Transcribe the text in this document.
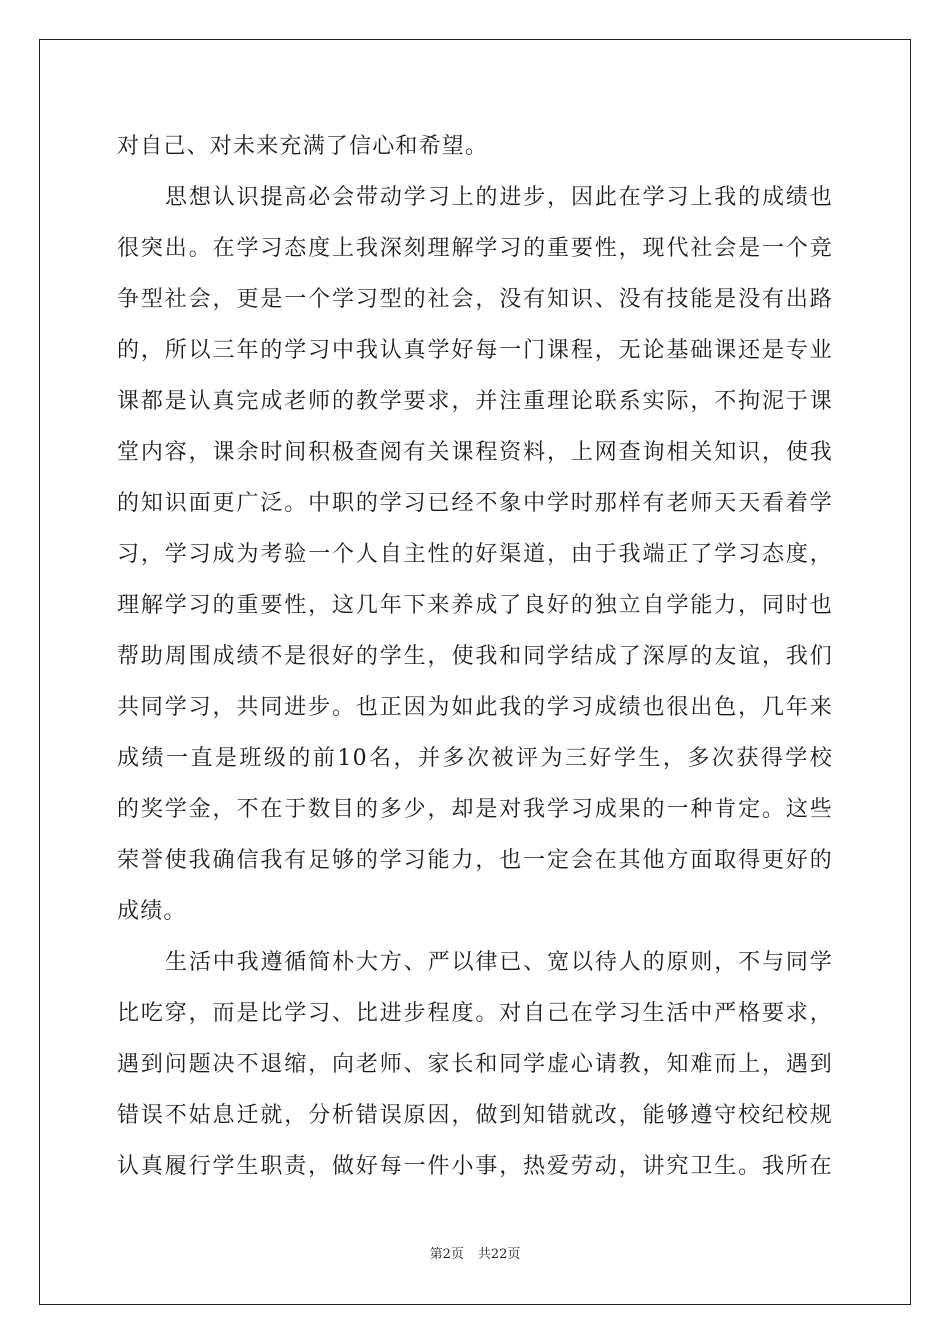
对自己、对未来充满了信心和希望。
思想认识提高必会带动学习上的进步，因此在学习上我的成绩也
很突出。在学习态度上我深刻理解学习的重要性，现代社会是一个竞
争型社会，更是一个学习型的社会，没有知识、没有技能是没有出路
的，所以三年的学习中我认真学好每一门课程，无论基础课还是专业
课都是认真完成老师的教学要求，并注重理论联系实际，不拘泥于课
堂内容，课余时间积极查阅有关课程资料，上网查询相关知识，使我
的知识面更广泛。中职的学习已经不象中学时那样有老师天天看着学
习，学习成为考验一个人自主性的好渠道，由于我端正了学习态度，
理解学习的重要性，这几年下来养成了良好的独立自学能力，同时也
帮助周围成绩不是很好的学生，使我和同学结成了深厚的友谊，我们
共同学习，共同进步。也正因为如此我的学习成绩也很出色，几年来
成绩一直是班级的前10名，并多次被评为三好学生，多次获得学校
的奖学金，不在于数目的多少，却是对我学习成果的一种肯定。这些
荣誉使我确信我有足够的学习能力，也一定会在其他方面取得更好的
成绩。
生活中我遵循简朴大方、严以律已、宽以待人的原则，不与同学
比吃穿，而是比学习、比进步程度。对自己在学习生活中严格要求，
遇到问题决不退缩，向老师、家长和同学虚心请教，知难而上，遇到
错误不姑息迁就，分析错误原因，做到知错就改，能够遵守校纪校规
认真履行学生职责，做好每一件小事，热爱劳动，讲究卫生。我所在
第2页 共22页
